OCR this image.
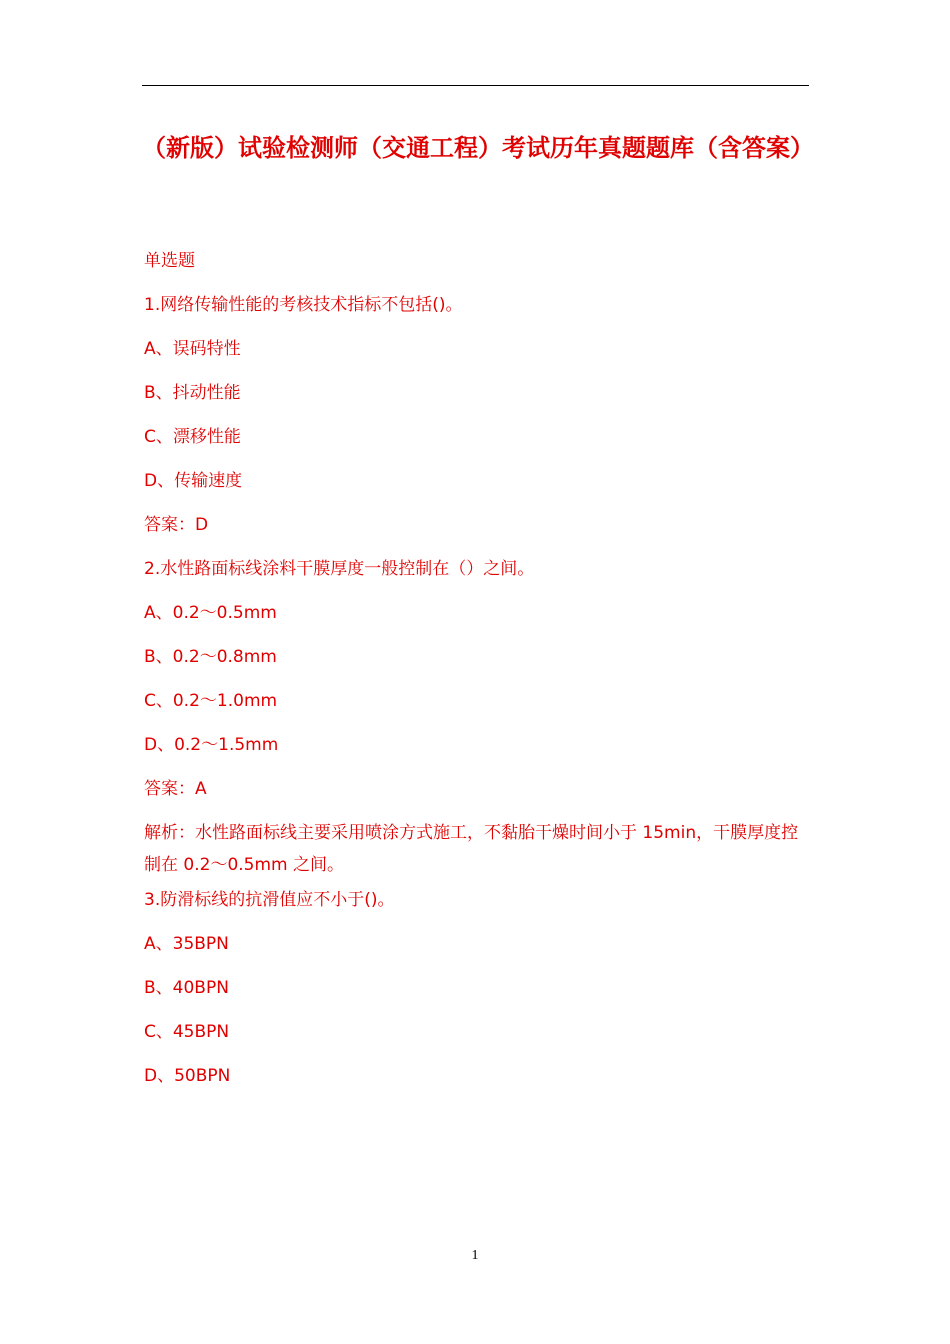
（新版）试验检测师（交通工程）考试历年真题题库（含答案）
单选题
1.网络传输性能的考核技术指标不包括()。
A、误码特性
B、抖动性能
C、漂移性能
D、传输速度
答案：D
2.水性路面标线涂料干膜厚度一般控制在（）之间。
A、0.2～0.5mm
B、0.2～0.8mm
C、0.2～1.0mm
D、0.2～1.5mm
答案：A
解析：水性路面标线主要采用喷涂方式施工，不黏胎干燥时间小于 15min，干膜厚度控制在 0.2～0.5mm 之间。
3.防滑标线的抗滑值应不小于()。
A、35BPN
B、40BPN
C、45BPN
D、50BPN
1
